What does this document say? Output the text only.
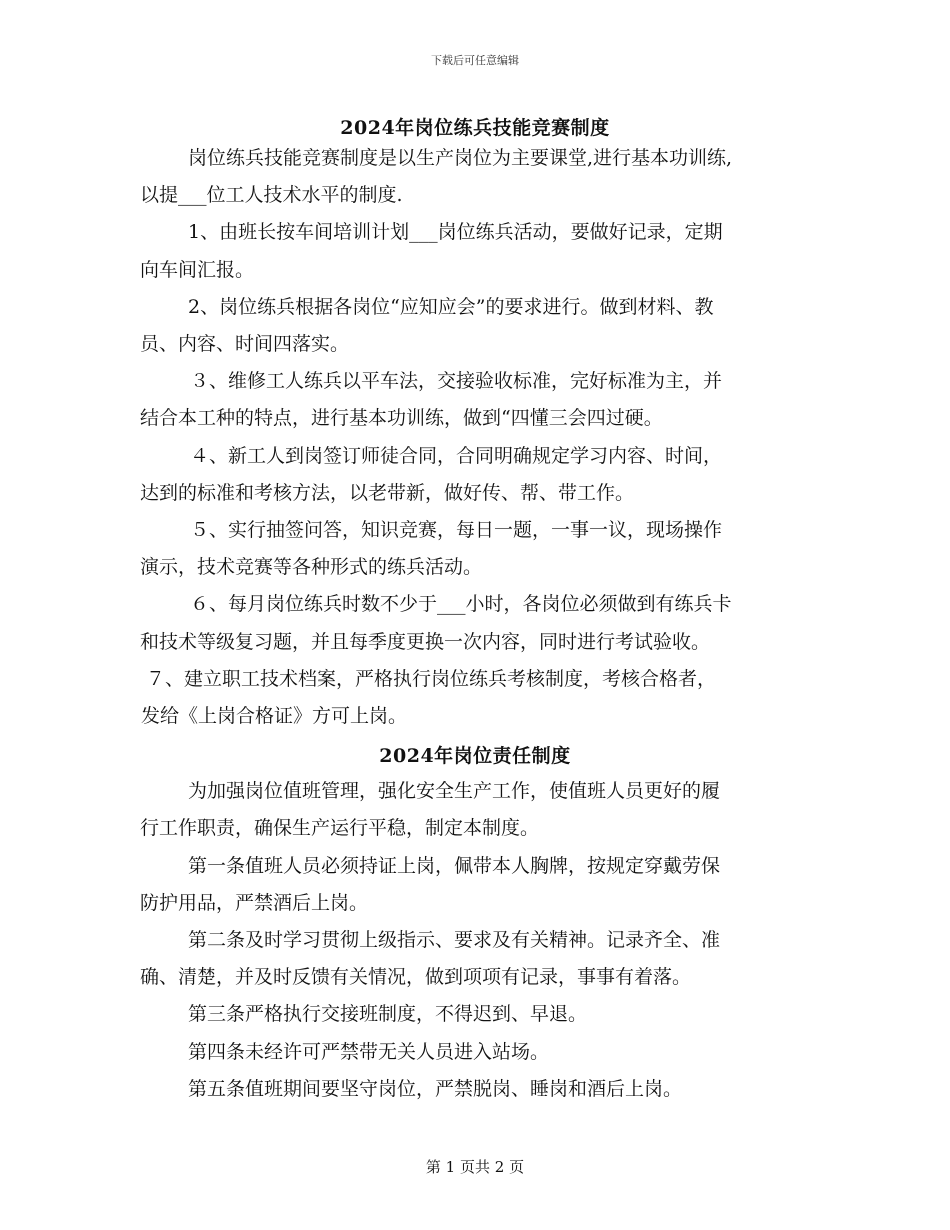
下载后可任意编辑
2024年岗位练兵技能竞赛制度

岗位练兵技能竞赛制度是以生产岗位为主要课堂,进行基本功训练,

以提___位工人技术水平的制度.

1、由班长按车间培训计划___岗位练兵活动，要做好记录，定期

向车间汇报。

2、岗位练兵根据各岗位“应知应会”的要求进行。做到材料、教

员、内容、时间四落实。

３、维修工人练兵以平车法，交接验收标准，完好标准为主，并

结合本工种的特点，进行基本功训练，做到“四懂三会四过硬。

４、新工人到岗签订师徒合同，合同明确规定学习内容、时间，

达到的标准和考核方法，以老带新，做好传、帮、带工作。

５、实行抽签问答，知识竞赛，每日一题，一事一议，现场操作

演示，技术竞赛等各种形式的练兵活动。

６、每月岗位练兵时数不少于___小时，各岗位必须做到有练兵卡

和技术等级复习题，并且每季度更换一次内容，同时进行考试验收。

７、建立职工技术档案，严格执行岗位练兵考核制度，考核合格者，

发给《上岗合格证》方可上岗。

2024年岗位责任制度

为加强岗位值班管理，强化安全生产工作，使值班人员更好的履

行工作职责，确保生产运行平稳，制定本制度。

第一条值班人员必须持证上岗，佩带本人胸牌，按规定穿戴劳保

防护用品，严禁酒后上岗。

第二条及时学习贯彻上级指示、要求及有关精神。记录齐全、准

确、清楚，并及时反馈有关情况，做到项项有记录，事事有着落。

第三条严格执行交接班制度，不得迟到、早退。

第四条未经许可严禁带无关人员进入站场。

第五条值班期间要坚守岗位，严禁脱岗、睡岗和酒后上岗。

第 1 页共 2 页
